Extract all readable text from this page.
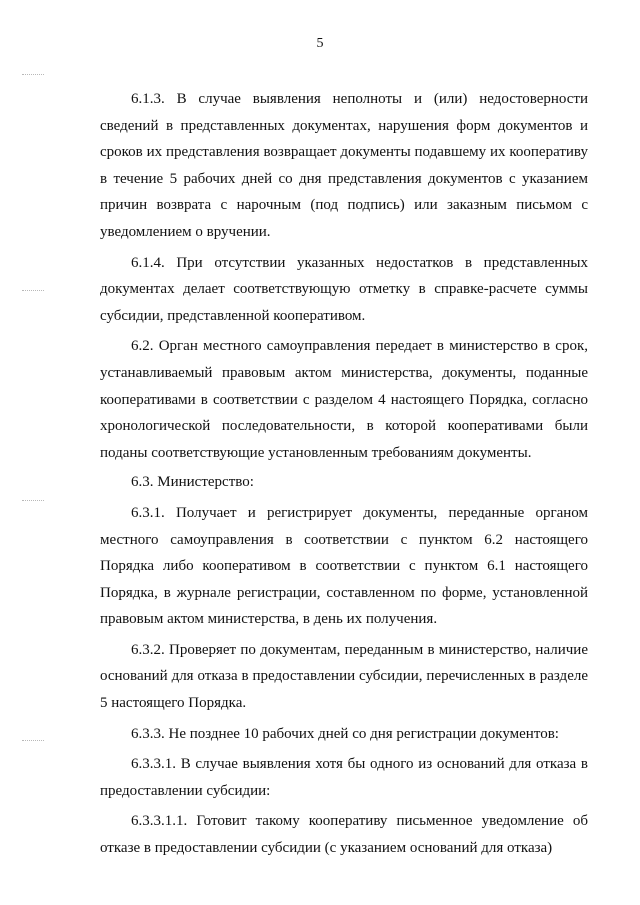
5

6.1.3. В случае выявления неполноты и (или) недостоверности сведений в представленных документах, нарушения форм документов и сроков их представления возвращает документы подавшему их кооперативу в течение 5 рабочих дней со дня представления документов с указанием причин возврата с нарочным (под подпись) или заказным письмом с уведомлением о вручении.

6.1.4. При отсутствии указанных недостатков в представленных документах делает соответствующую отметку в справке-расчете суммы субсидии, представленной кооперативом.

6.2. Орган местного самоуправления передает в министерство в срок, устанавливаемый правовым актом министерства, документы, поданные кооперативами в соответствии с разделом 4 настоящего Порядка, согласно хронологической последовательности, в которой кооперативами были поданы соответствующие установленным требованиям документы.

6.3. Министерство:

6.3.1. Получает и регистрирует документы, переданные органом местного самоуправления в соответствии с пунктом 6.2 настоящего Порядка либо кооперативом в соответствии с пунктом 6.1 настоящего Порядка, в журнале регистрации, составленном по форме, установленной правовым актом министерства, в день их получения.

6.3.2. Проверяет по документам, переданным в министерство, наличие оснований для отказа в предоставлении субсидии, перечисленных в разделе 5 настоящего Порядка.

6.3.3. Не позднее 10 рабочих дней со дня регистрации документов:

6.3.3.1. В случае выявления хотя бы одного из оснований для отказа в предоставлении субсидии:

6.3.3.1.1. Готовит такому кооперативу письменное уведомление об отказе в предоставлении субсидии (с указанием оснований для отказа)
